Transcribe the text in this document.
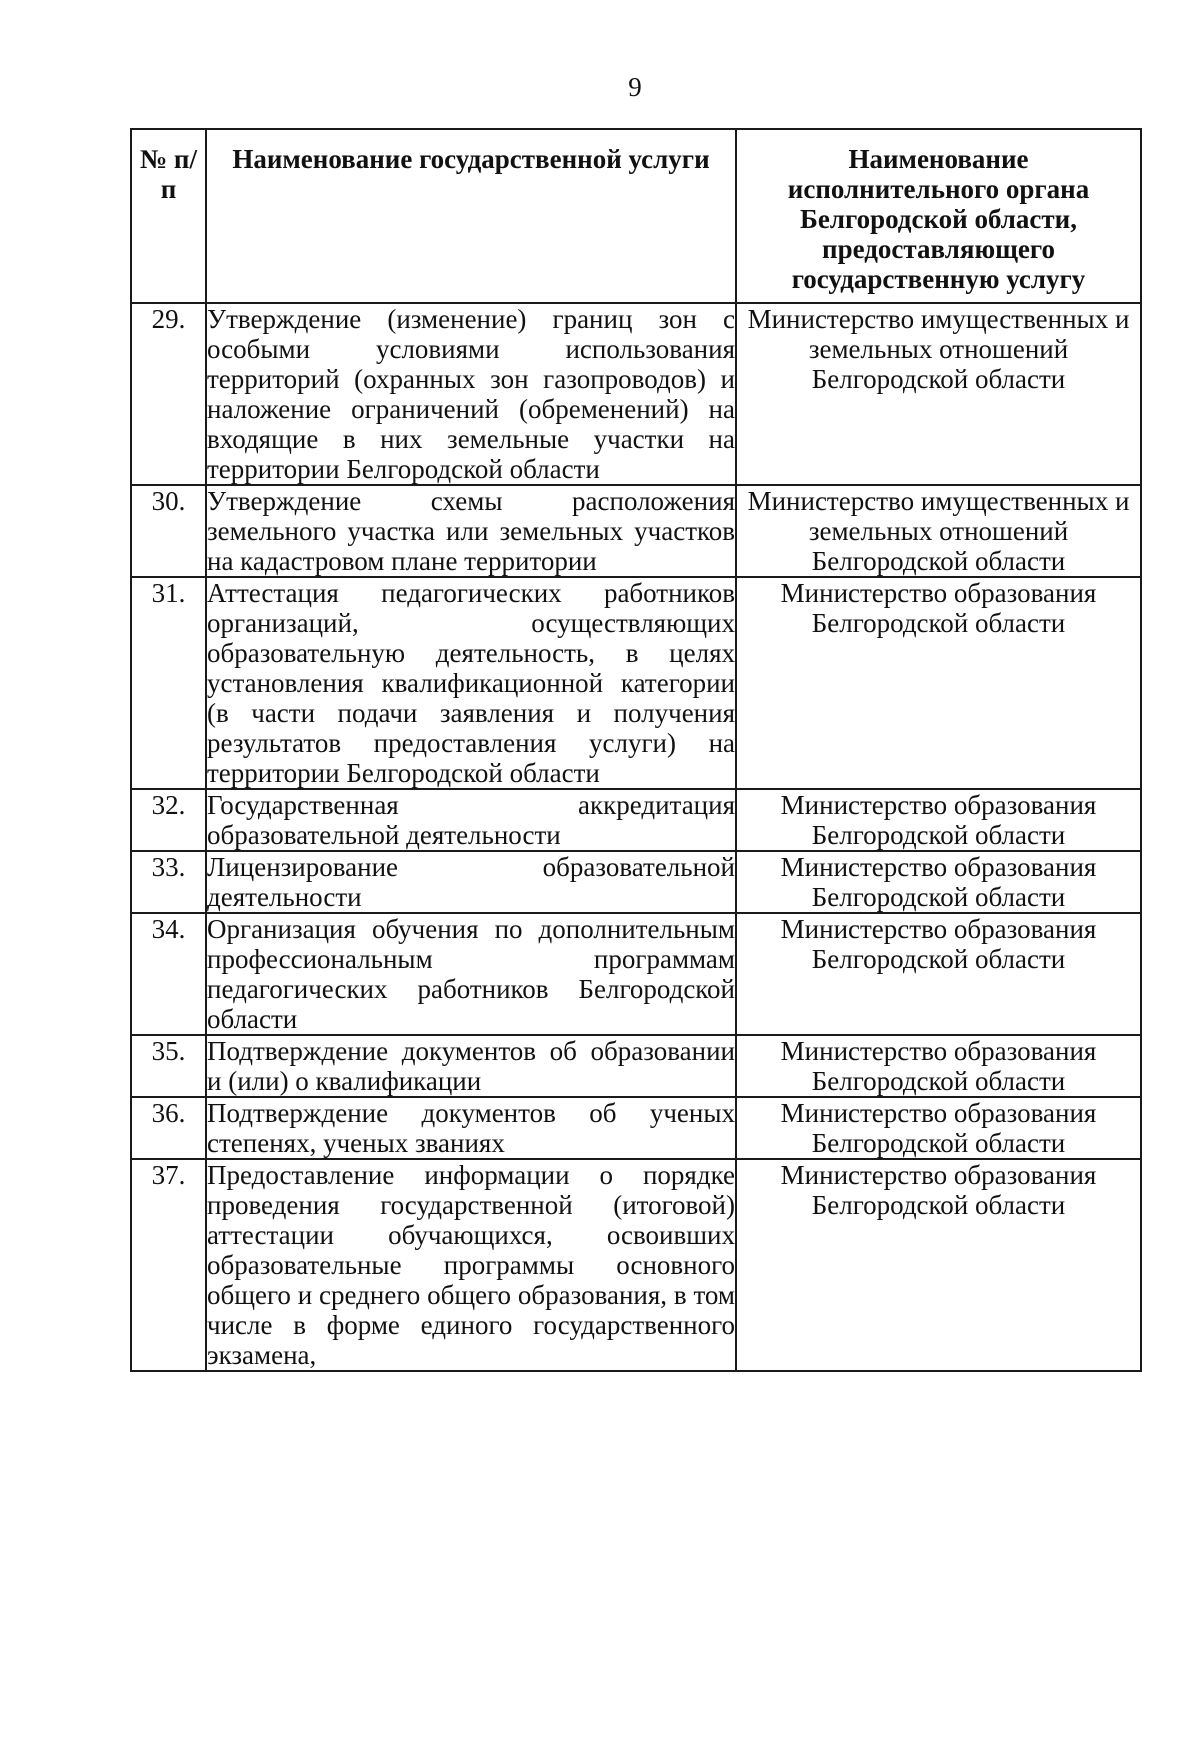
9
№ п/п	Наименование государственной услуги	Наименование исполнительного органа Белгородской области, предоставляющего государственную услугу
29.	Утверждение (изменение) границ зон с особыми условиями использования территорий (охранных зон газопроводов) и наложение ограничений (обременений) на входящие в них земельные участки на территории Белгородской области	Министерство имущественных и земельных отношений Белгородской области
30.	Утверждение схемы расположения земельного участка или земельных участков на кадастровом плане территории	Министерство имущественных и земельных отношений Белгородской области
31.	Аттестация педагогических работников организаций, осуществляющих образовательную деятельность, в целях установления квалификационной категории (в части подачи заявления и получения результатов предоставления услуги) на территории Белгородской области	Министерство образования Белгородской области
32.	Государственная аккредитация образовательной деятельности	Министерство образования Белгородской области
33.	Лицензирование образовательной деятельности	Министерство образования Белгородской области
34.	Организация обучения по дополнительным профессиональным программам педагогических работников Белгородской области	Министерство образования Белгородской области
35.	Подтверждение документов об образовании и (или) о квалификации	Министерство образования Белгородской области
36.	Подтверждение документов об ученых степенях, ученых званиях	Министерство образования Белгородской области
37.	Предоставление информации о порядке проведения государственной (итоговой) аттестации обучающихся, освоивших образовательные программы основного общего и среднего общего образования, в том числе в форме единого государственного экзамена,	Министерство образования Белгородской области
